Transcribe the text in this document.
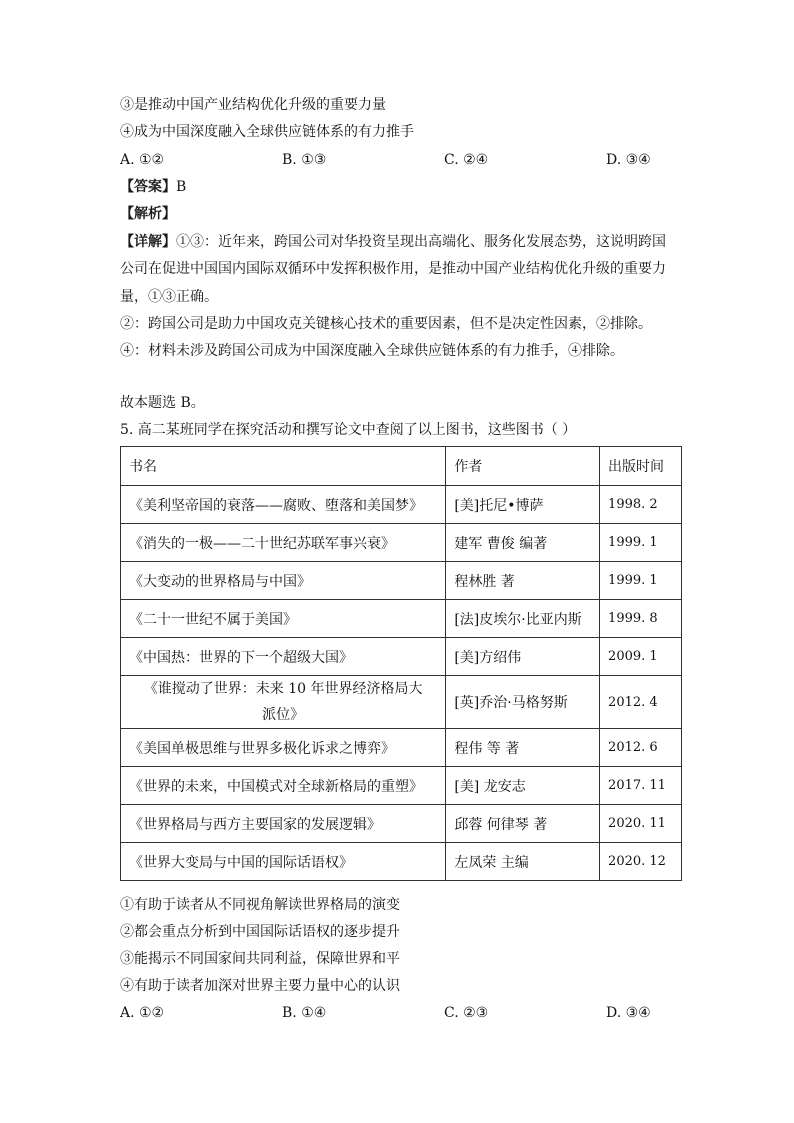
③是推动中国产业结构优化升级的重要力量
④成为中国深度融入全球供应链体系的有力推手
A. ①②	B. ①③	C. ②④	D. ③④
【答案】B
【解析】
【详解】①③：近年来，跨国公司对华投资呈现出高端化、服务化发展态势，这说明跨国
公司在促进中国国内国际双循环中发挥积极作用，是推动中国产业结构优化升级的重要力
量，①③正确。
②：跨国公司是助力中国攻克关键核心技术的重要因素，但不是决定性因素，②排除。
④：材料未涉及跨国公司成为中国深度融入全球供应链体系的有力推手，④排除。
故本题选 B。
5. 高二某班同学在探究活动和撰写论文中查阅了以上图书，这些图书（ ）
书名	作者	出版时间
《美利坚帝国的衰落——腐败、堕落和美国梦》	[美]托尼•博萨	1998. 2
《消失的一极——二十世纪苏联军事兴衰》	建军 曹俊 编著	1999. 1
《大变动的世界格局与中国》	程林胜 著	1999. 1
《二十一世纪不属于美国》	[法]皮埃尔·比亚内斯	1999. 8
《中国热：世界的下一个超级大国》	[美]方绍伟	2009. 1
《谁搅动了世界：未来 10 年世界经济格局大派位》	[英]乔治·马格努斯	2012. 4
《美国单极思维与世界多极化诉求之博弈》	程伟 等 著	2012. 6
《世界的未来，中国模式对全球新格局的重塑》	[美] 龙安志	2017. 11
《世界格局与西方主要国家的发展逻辑》	邱蓉 何律琴 著	2020. 11
《世界大变局与中国的国际话语权》	左凤荣 主编	2020. 12
①有助于读者从不同视角解读世界格局的演变
②都会重点分析到中国国际话语权的逐步提升
③能揭示不同国家间共同利益，保障世界和平
④有助于读者加深对世界主要力量中心的认识
A. ①②	B. ①④	C. ②③	D. ③④
